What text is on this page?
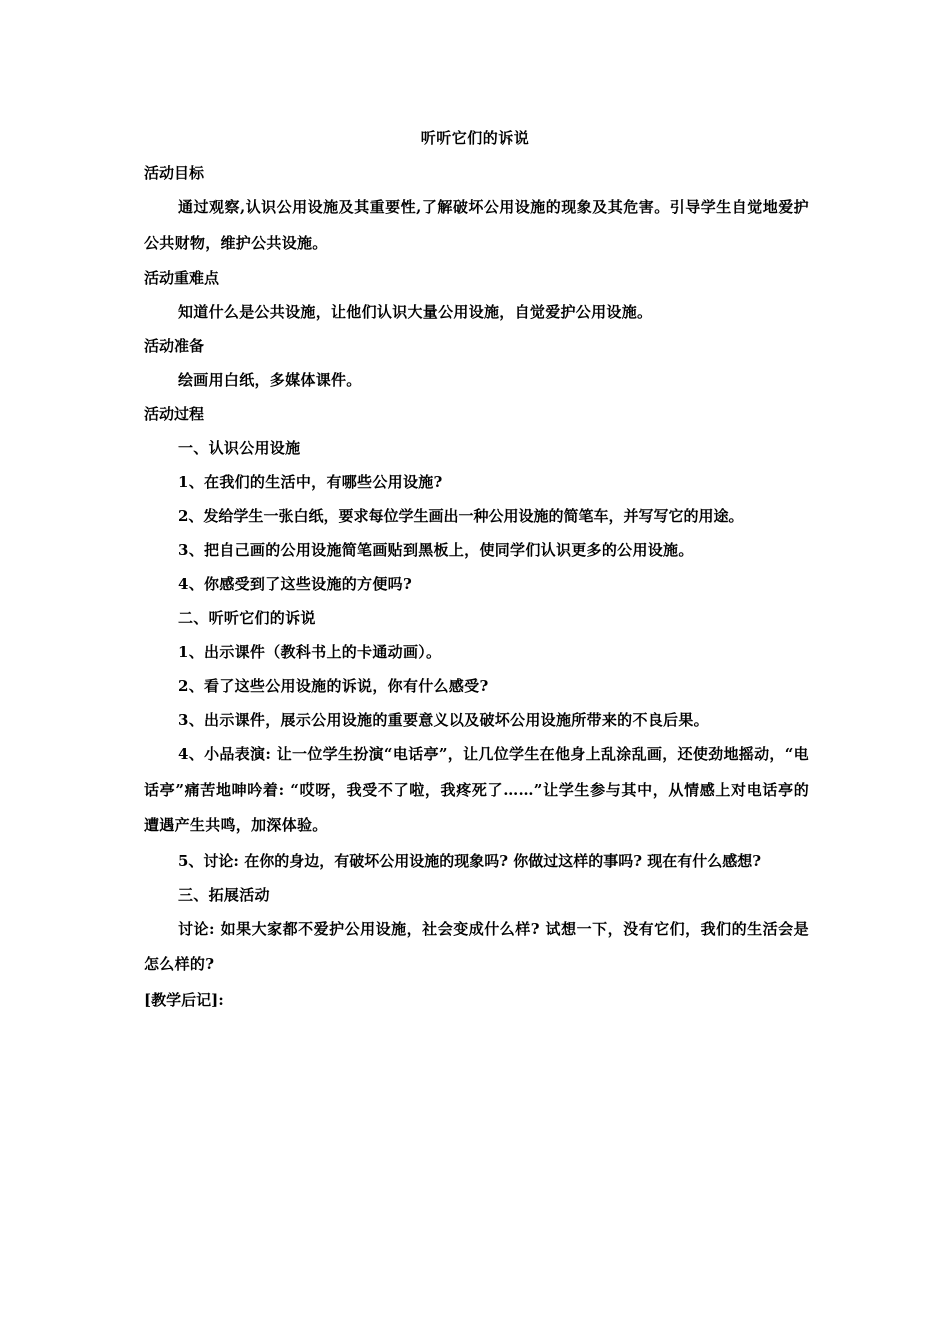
听听它们的诉说
活动目标
通过观察,认识公用设施及其重要性,了解破坏公用设施的现象及其危害。引导学生自觉地爱护公共财物，维护公共设施。
活动重难点
知道什么是公共设施，让他们认识大量公用设施，自觉爱护公用设施。
活动准备
绘画用白纸，多媒体课件。
活动过程
一、认识公用设施
1、在我们的生活中，有哪些公用设施?
2、发给学生一张白纸，要求每位学生画出一种公用设施的简笔车，并写写它的用途。
3、把自己画的公用设施简笔画贴到黑板上，使同学们认识更多的公用设施。
4、你感受到了这些设施的方便吗?
二、听听它们的诉说
1、出示课件（教科书上的卡通动画）。
2、看了这些公用设施的诉说，你有什么感受?
3、出示课件，展示公用设施的重要意义以及破坏公用设施所带来的不良后果。
4、小品表演: 让一位学生扮演“电话亭”，让几位学生在他身上乱涂乱画，还使劲地摇动，“电话亭”痛苦地呻吟着: “哎呀，我受不了啦，我疼死了……”让学生参与其中，从情感上对电话亭的遭遇产生共鸣，加深体验。
5、讨论: 在你的身边，有破坏公用设施的现象吗? 你做过这样的事吗? 现在有什么感想?
三、拓展活动
讨论: 如果大家都不爱护公用设施，社会变成什么样? 试想一下，没有它们，我们的生活会是怎么样的?
[教学后记]:
